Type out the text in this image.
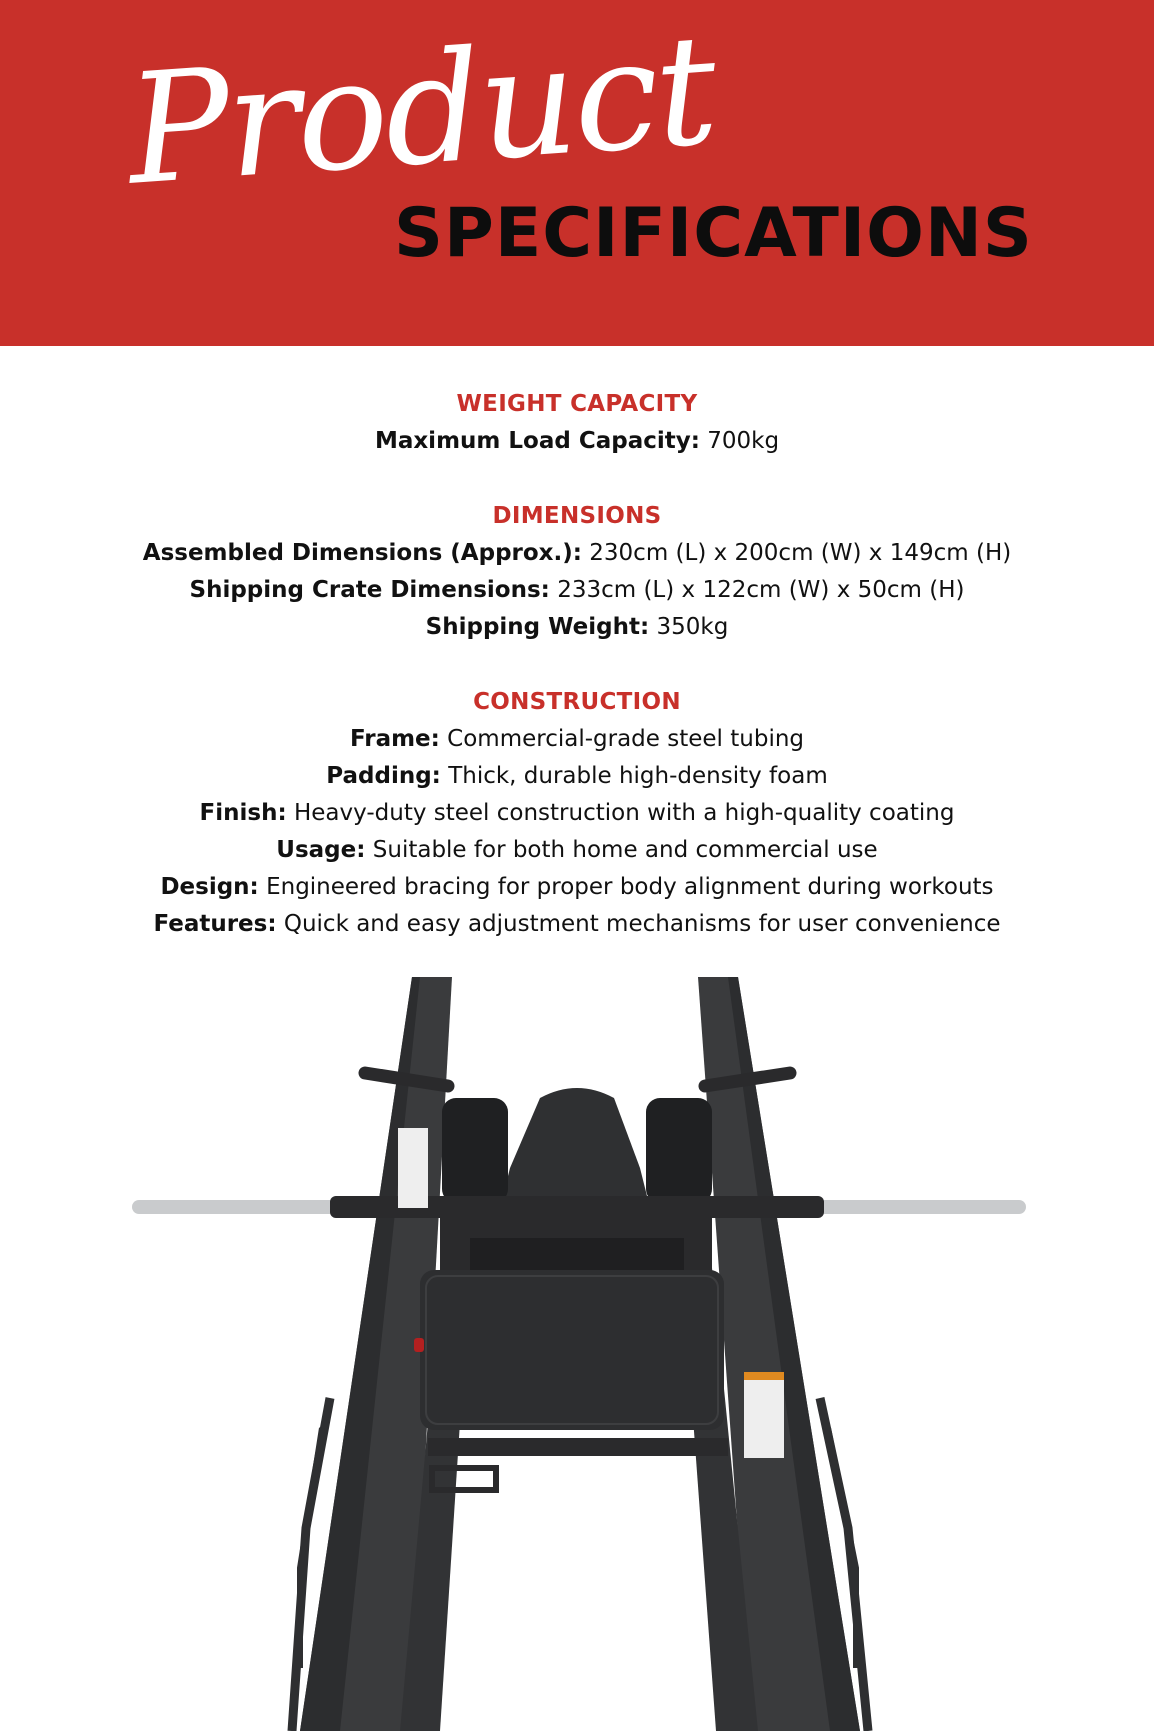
Product
SPECIFICATIONS
WEIGHT CAPACITY
Maximum Load Capacity: 700kg
DIMENSIONS
Assembled Dimensions (Approx.): 230cm (L) x 200cm (W) x 149cm (H)
Shipping Crate Dimensions: 233cm (L) x 122cm (W) x 50cm (H)
Shipping Weight: 350kg
CONSTRUCTION
Frame: Commercial-grade steel tubing
Padding: Thick, durable high-density foam
Finish: Heavy-duty steel construction with a high-quality coating
Usage: Suitable for both home and commercial use
Design: Engineered bracing for proper body alignment during workouts
Features: Quick and easy adjustment mechanisms for user convenience
